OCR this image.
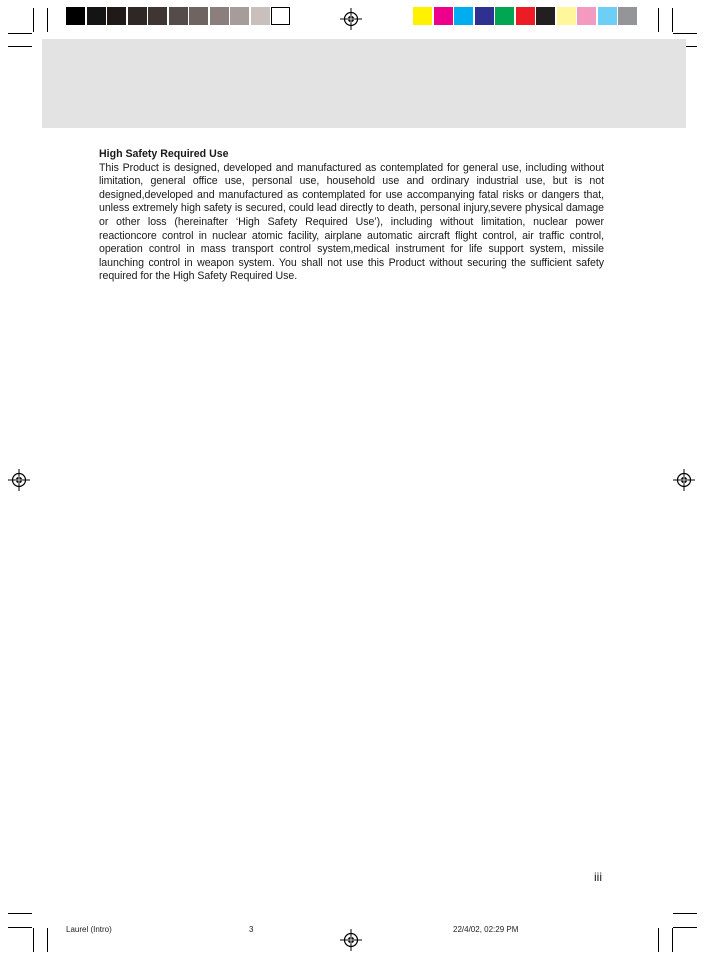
High Safety Required Use

This Product is designed, developed and manufactured as contemplated for general use, including without limitation, general office use, personal use, household use and ordinary industrial use, but is not designed,developed and manufactured as contemplated for use accompanying fatal risks or dangers that, unless extremely high safety is secured, could lead directly to death, personal injury,severe physical damage or other loss (hereinafter ‘High Safety Required Use’), including without limitation, nuclear power reactioncore control in nuclear atomic facility, airplane automatic aircraft flight control, air traffic control, operation control in mass transport control system,medical instrument for life support system, missile launching control in weapon system. You shall not use this Product without securing the sufficient safety required for the High Safety Required Use.

iii
Laurel (Intro)	3	22/4/02, 02:29 PM
